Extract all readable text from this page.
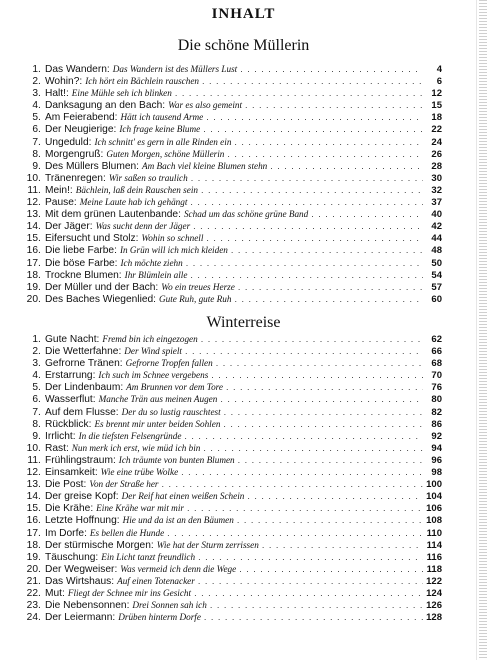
INHALT
Die schöne Müllerin
1 . Das Wandern : Das Wandern ist des Müllers Lust . . .	4
2 . Wohin? : Ich hört ein Bächlein rauschen . . .	6
3 . Halt! : Eine Mühle seh ich blinken . . .	12
4 . Danksagung an den Bach : War es also gemeint . . .	15
5 . Am Feierabend : Hätt ich tausend Arme . . .	18
6 . Der Neugierige : Ich frage keine Blume . . .	22
7 . Ungeduld : Ich schnitt' es gern in alle Rinden ein . . .	24
8 . Morgengruß : Guten Morgen, schöne Müllerin . . .	26
9 . Des Müllers Blumen : Am Bach viel kleine Blumen stehn . . .	28
10 . Tränenregen : Wir saßen so traulich . . .	30
11 . Mein! : Bächlein, laß dein Rauschen sein . . .	32
12 . Pause : Meine Laute hab ich gehängt . . .	37
13 . Mit dem grünen Lautenbande : Schad um das schöne grüne Band . . .	40
14 . Der Jäger : Was sucht denn der Jäger . . .	42
15 . Eifersucht und Stolz : Wohin so schnell . . .	44
16 . Die liebe Farbe : In Grün will ich mich kleiden . . .	48
17 . Die böse Farbe : Ich möchte ziehn . . .	50
18 . Trockne Blumen : Ihr Blümlein alle . . .	54
19 . Der Müller und der Bach : Wo ein treues Herze . . .	57
20 . Des Baches Wiegenlied : Gute Ruh, gute Ruh . . .	60
Winterreise
1 . Gute Nacht : Fremd bin ich eingezogen . . .	62
2 . Die Wetterfahne : Der Wind spielt . . .	66
3 . Gefrorne Tränen : Gefrorne Tropfen fallen . . .	68
4 . Erstarrung : Ich such im Schnee vergebens . . .	70
5 . Der Lindenbaum : Am Brunnen vor dem Tore . . .	76
6 . Wasserflut : Manche Trän aus meinen Augen . . .	80
7 . Auf dem Flusse : Der du so lustig rauschtest . . .	82
8 . Rückblick : Es brennt mir unter beiden Sohlen . . .	86
9 . Irrlicht : In die tiefsten Felsengründe . . .	92
10 . Rast : Nun merk ich erst, wie müd ich bin . . .	94
11 . Frühlingstraum : Ich träumte von bunten Blumen . . .	96
12 . Einsamkeit : Wie eine trübe Wolke . . .	98
13 . Die Post : Von der Straße her . . .	100
14 . Der greise Kopf : Der Reif hat einen weißen Schein . . .	104
15 . Die Krähe : Eine Krähe war mit mir . . .	106
16 . Letzte Hoffnung : Hie und da ist an den Bäumen . . .	108
17 . Im Dorfe : Es bellen die Hunde . . .	110
18 . Der stürmische Morgen : Wie hat der Sturm zerrissen . . .	114
19 . Täuschung : Ein Licht tanzt freundlich . . .	116
20 . Der Wegweiser : Was vermeid ich denn die Wege . . .	118
21 . Das Wirtshaus : Auf einen Totenacker . . .	122
22 . Mut : Fliegt der Schnee mir ins Gesicht . . .	124
23 . Die Nebensonnen : Drei Sonnen sah ich . . .	126
24 . Der Leiermann : Drüben hinterm Dorfe . . .	128
